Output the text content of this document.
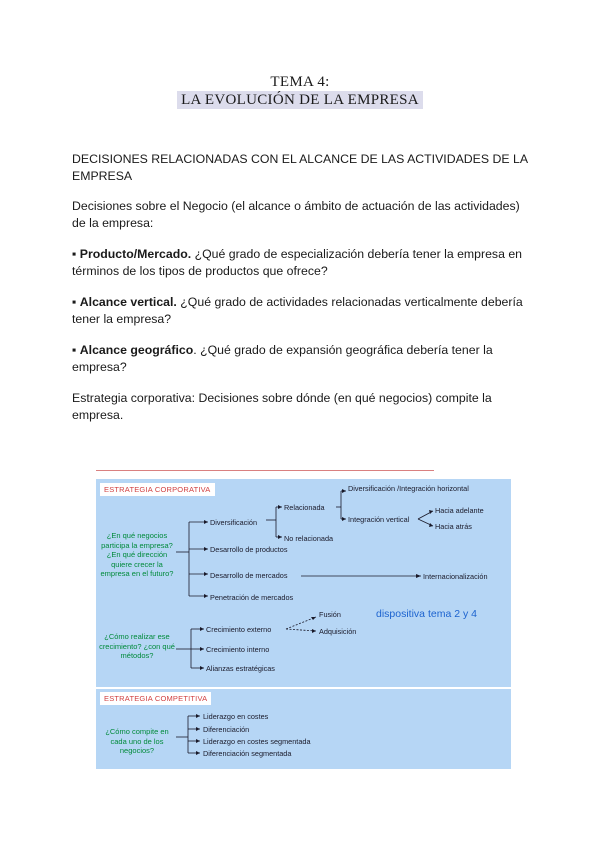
TEMA 4:
LA EVOLUCIÓN DE LA EMPRESA

DECISIONES RELACIONADAS CON EL ALCANCE DE LAS ACTIVIDADES DE LA EMPRESA

Decisiones sobre el Negocio (el alcance o ámbito de actuación de las actividades) de la empresa:

▪ Producto/Mercado. ¿Qué grado de especialización debería tener la empresa en términos de los tipos de productos que ofrece?

▪ Alcance vertical. ¿Qué grado de actividades relacionadas verticalmente debería tener la empresa?

▪ Alcance geográfico. ¿Qué grado de expansión geográfica debería tener la empresa?

Estrategia corporativa: Decisiones sobre dónde (en qué negocios) compite la empresa.

ESTRATEGIA CORPORATIVA
¿En qué negocios participa la empresa? ¿En qué dirección quiere crecer la empresa en el futuro?
¿Cómo realizar ese crecimiento? ¿con qué métodos?
Diversificación
Relacionada
No relacionada
Diversificación /Integración horizontal
Integración vertical
Hacia adelante
Hacia atrás
Desarrollo de productos
Desarrollo de mercados	Internacionalización
Penetración de mercados
Crecimiento externo
Fusión
Adquisición
Crecimiento interno
Alianzas estratégicas
dispositiva tema 2 y 4
ESTRATEGIA COMPETITIVA
¿Cómo compite en cada uno de los negocios?
Liderazgo en costes
Diferenciación
Liderazgo en costes segmentada
Diferenciación segmentada
